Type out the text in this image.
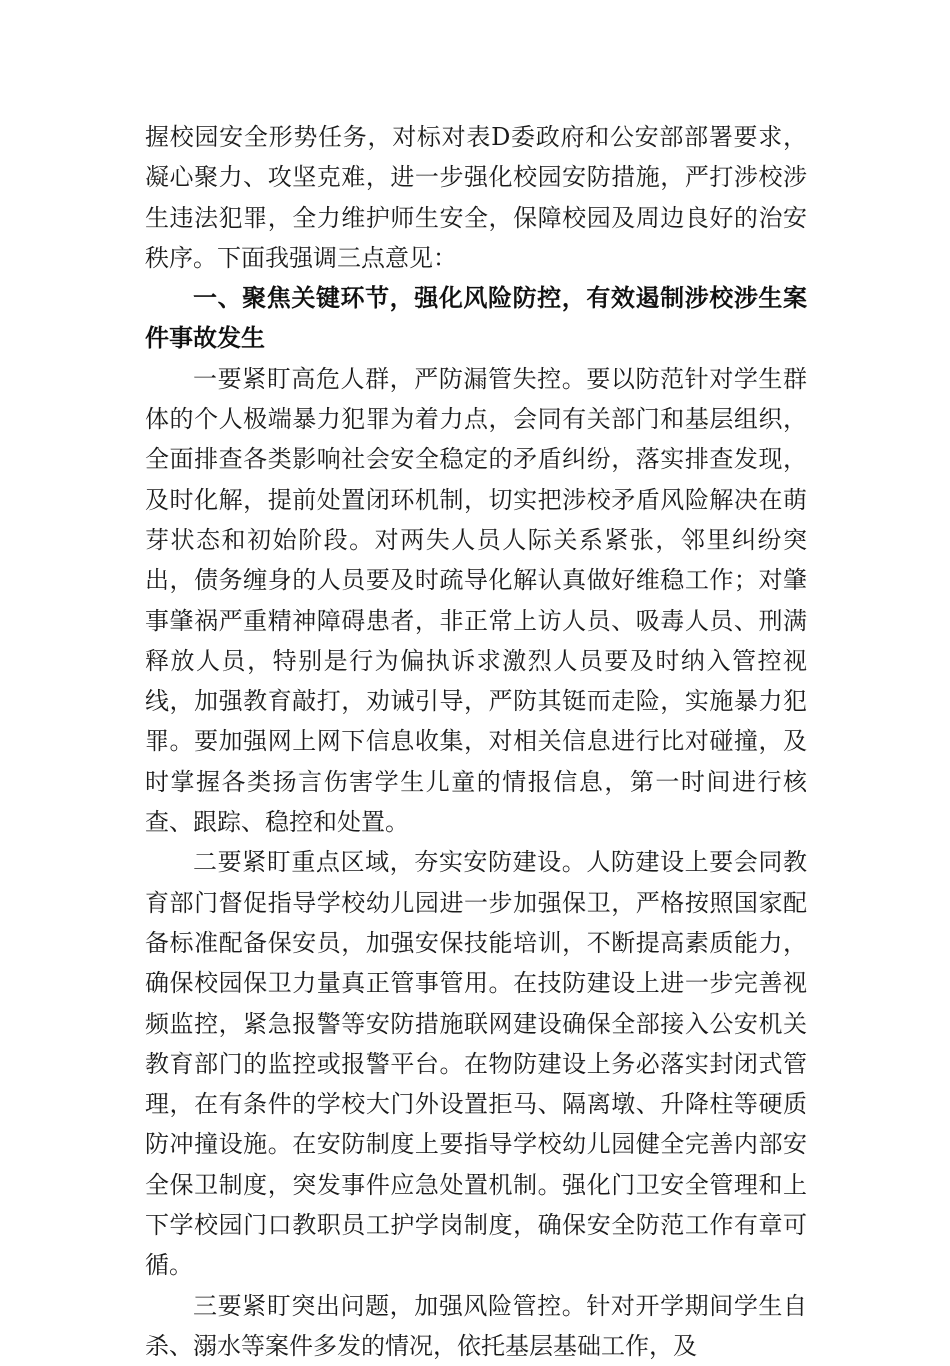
握校园安全形势任务，对标对表D委政府和公安部部署要求，凝心聚力、攻坚克难，进一步强化校园安防措施，严打涉校涉生违法犯罪，全力维护师生安全，保障校园及周边良好的治安秩序。下面我强调三点意见：

一、聚焦关键环节，强化风险防控，有效遏制涉校涉生案件事故发生

一要紧盯高危人群，严防漏管失控。要以防范针对学生群体的个人极端暴力犯罪为着力点，会同有关部门和基层组织，全面排查各类影响社会安全稳定的矛盾纠纷，落实排查发现，及时化解，提前处置闭环机制，切实把涉校矛盾风险解决在萌芽状态和初始阶段。对两失人员人际关系紧张，邻里纠纷突出，债务缠身的人员要及时疏导化解认真做好维稳工作；对肇事肇祸严重精神障碍患者，非正常上访人员、吸毒人员、刑满释放人员，特别是行为偏执诉求激烈人员要及时纳入管控视线，加强教育敲打，劝诫引导，严防其铤而走险，实施暴力犯罪。要加强网上网下信息收集，对相关信息进行比对碰撞，及时掌握各类扬言伤害学生儿童的情报信息，第一时间进行核查、跟踪、稳控和处置。

二要紧盯重点区域，夯实安防建设。人防建设上要会同教育部门督促指导学校幼儿园进一步加强保卫，严格按照国家配备标准配备保安员，加强安保技能培训，不断提高素质能力，确保校园保卫力量真正管事管用。在技防建设上进一步完善视频监控，紧急报警等安防措施联网建设确保全部接入公安机关教育部门的监控或报警平台。在物防建设上务必落实封闭式管理，在有条件的学校大门外设置拒马、隔离墩、升降柱等硬质防冲撞设施。在安防制度上要指导学校幼儿园健全完善内部安全保卫制度，突发事件应急处置机制。强化门卫安全管理和上下学校园门口教职员工护学岗制度，确保安全防范工作有章可循。

三要紧盯突出问题，加强风险管控。针对开学期间学生自杀、溺水等案件多发的情况，依托基层基础工作，及
